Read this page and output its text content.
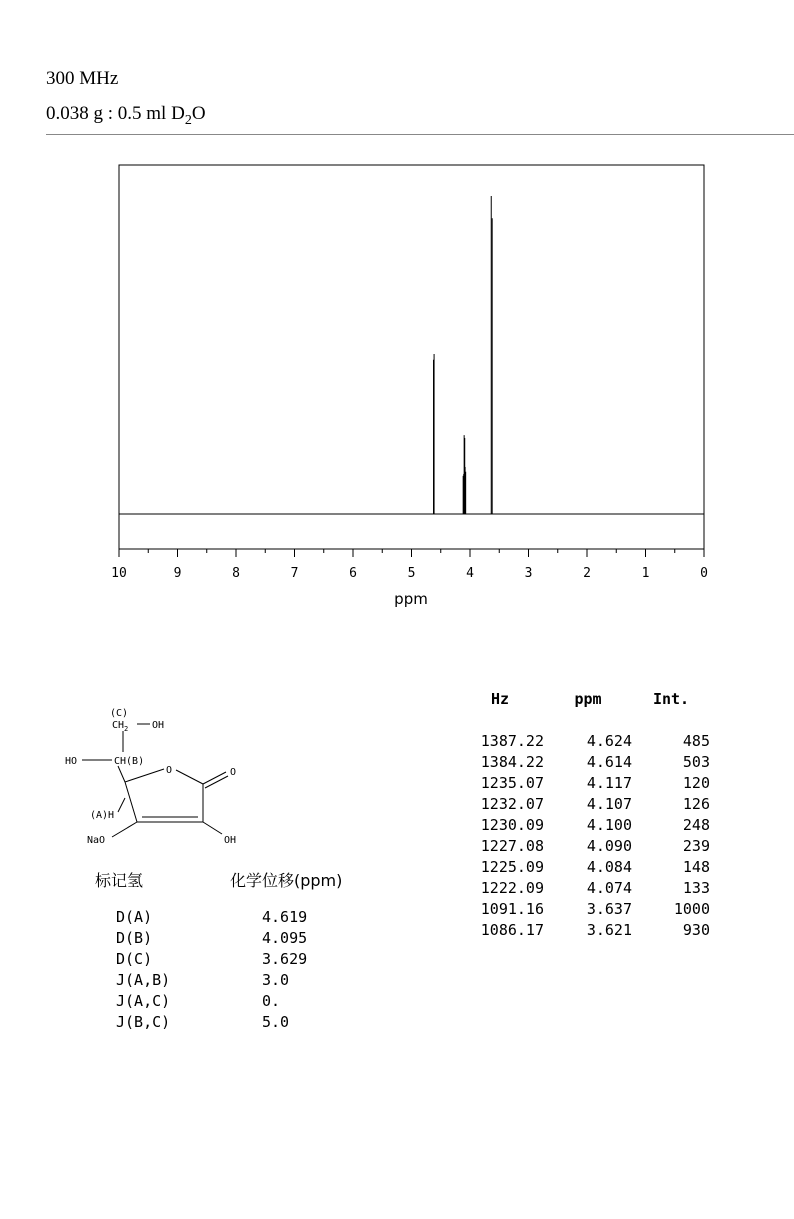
300 MHz
0.038 g : 0.5 ml $D_2O$
10	9	8	7	6	5	4	3	2	1	0
ppm
(C)
$CH_2$ OH
HO	CH(B)
O	O
(A)H
NaO	OH
标记氢	化学位移(ppm)
D(A)	4.619
D(B)	4.095
D(C)	3.629
J(A,B)	3.0
J(A,C)	0.
J(B,C)	5.0
Hz	ppm	Int.

1387.22	4.624	485
1384.22	4.614	503
1235.07	4.117	120
1232.07	4.107	126
1230.09	4.100	248
1227.08	4.090	239
1225.09	4.084	148
1222.09	4.074	133
1091.16	3.637	1000
1086.17	3.621	930
